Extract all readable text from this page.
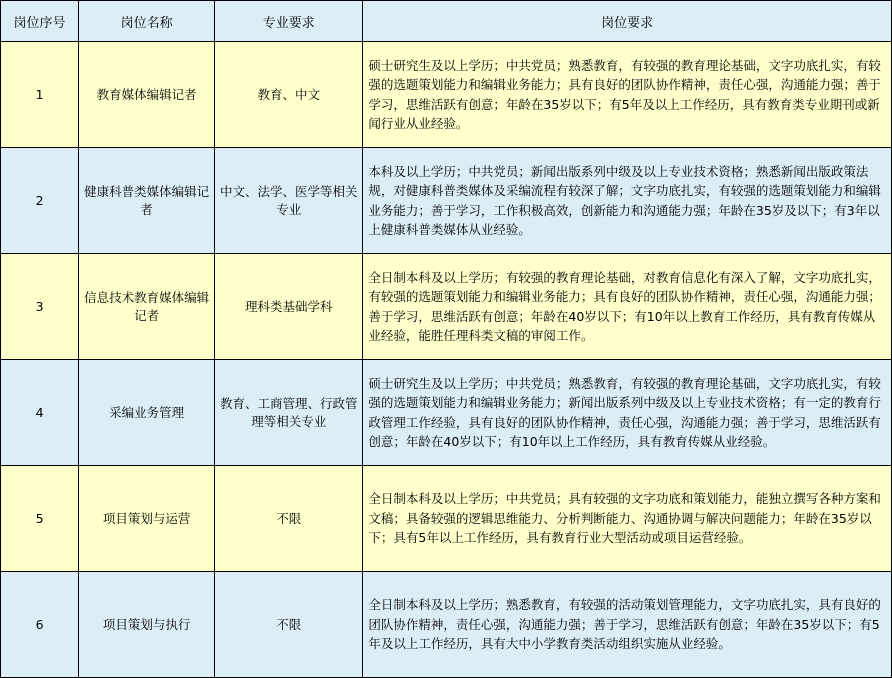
岗位序号	岗位名称	专业要求	岗位要求
1	教育媒体编辑记者	教育、中文	硕士研究生及以上学历；中共党员；熟悉教育，有较强的教育理论基础，文字功底扎实，有较强的选题策划能力和编辑业务能力；具有良好的团队协作精神，责任心强，沟通能力强；善于学习，思维活跃有创意；年龄在35岁以下；有5年及以上工作经历，具有教育类专业期刊或新闻行业从业经验。
2	健康科普类媒体编辑记者	中文、法学、医学等相关专业	本科及以上学历；中共党员；新闻出版系列中级及以上专业技术资格；熟悉新闻出版政策法规，对健康科普类媒体及采编流程有较深了解；文字功底扎实，有较强的选题策划能力和编辑业务能力；善于学习，工作积极高效，创新能力和沟通能力强；年龄在35岁及以下；有3年以上健康科普类媒体从业经验。
3	信息技术教育媒体编辑记者	理科类基础学科	全日制本科及以上学历；有较强的教育理论基础，对教育信息化有深入了解，文字功底扎实，有较强的选题策划能力和编辑业务能力；具有良好的团队协作精神，责任心强，沟通能力强；善于学习，思维活跃有创意；年龄在40岁以下；有10年以上教育工作经历，具有教育传媒从业经验，能胜任理科类文稿的审阅工作。
4	采编业务管理	教育、工商管理、行政管理等相关专业	硕士研究生及以上学历；中共党员；熟悉教育，有较强的教育理论基础，文字功底扎实，有较强的选题策划能力和编辑业务能力；新闻出版系列中级及以上专业技术资格；有一定的教育行政管理工作经验，具有良好的团队协作精神，责任心强，沟通能力强；善于学习，思维活跃有创意；年龄在40岁以下；有10年以上工作经历，具有教育传媒从业经验。
5	项目策划与运营	不限	全日制本科及以上学历；中共党员；具有较强的文字功底和策划能力，能独立撰写各种方案和文稿；具备较强的逻辑思维能力、分析判断能力、沟通协调与解决问题能力；年龄在35岁以下；具有5年以上工作经历，具有教育行业大型活动或项目运营经验。
6	项目策划与执行	不限	全日制本科及以上学历；熟悉教育，有较强的活动策划管理能力，文字功底扎实，具有良好的团队协作精神，责任心强，沟通能力强；善于学习，思维活跃有创意；年龄在35岁以下；有5年及以上工作经历，具有大中小学教育类活动组织实施从业经验。
